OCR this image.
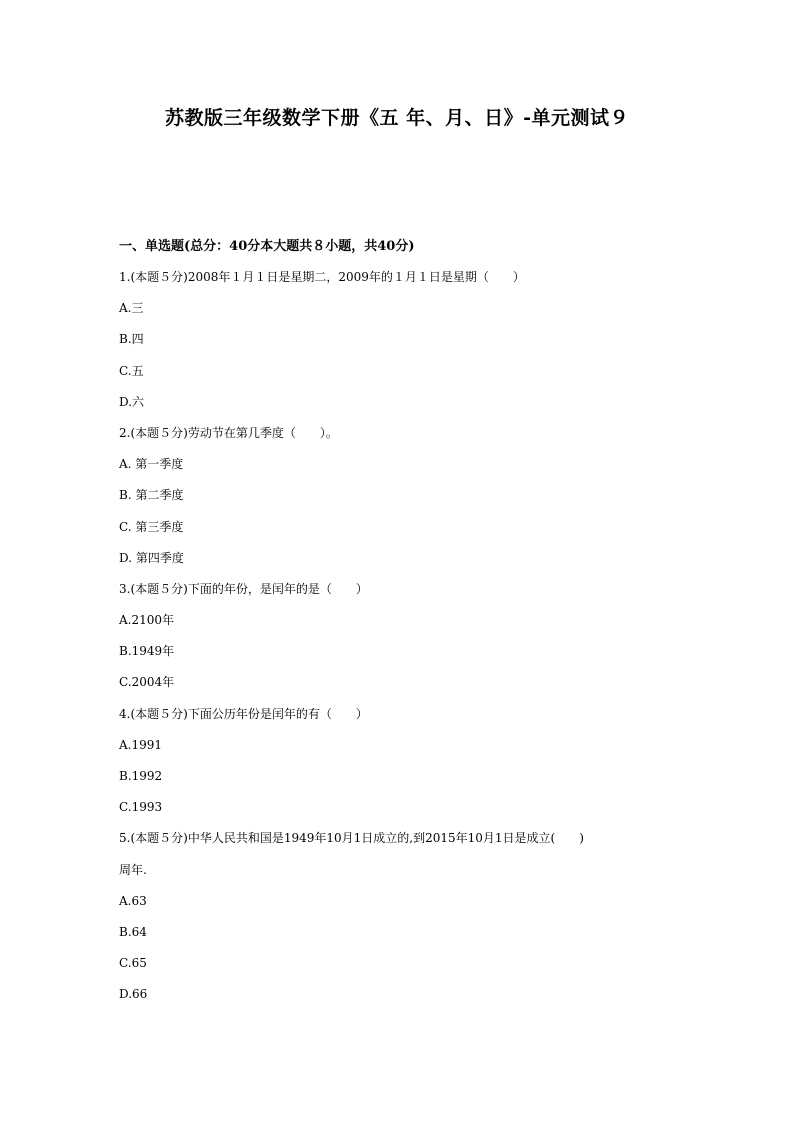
苏教版三年级数学下册《五 年、月、日》-单元测试９
一、单选题(总分：40分本大题共８小题，共40分)
1.(本题５分)2008年１月１日是星期二，2009年的１月１日是星期（　　）
A.三
B.四
C.五
D.六
2.(本题５分)劳动节在第几季度（　　）。
A. 第一季度
B. 第二季度
C. 第三季度
D. 第四季度
3.(本题５分)下面的年份，是闰年的是（　　）
A.2100年
B.1949年
C.2004年
4.(本题５分)下面公历年份是闰年的有（　　）
A.1991
B.1992
C.1993
5.(本题５分)中华人民共和国是1949年10月1日成立的,到2015年10月1日是成立(　　)
周年.
A.63
B.64
C.65
D.66
